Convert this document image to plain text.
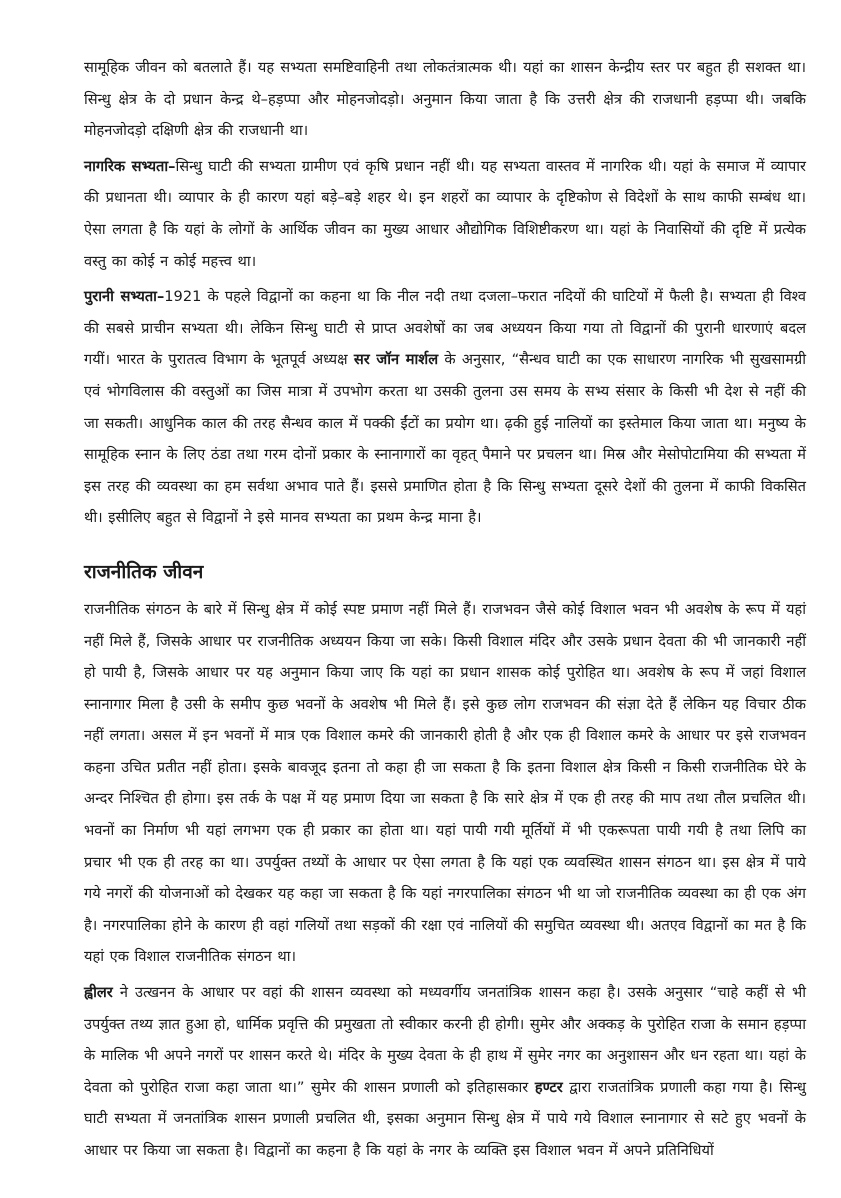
सामूहिक जीवन को बतलाते हैं। यह सभ्यता समष्टिवाहिनी तथा लोकतंत्रात्मक थी। यहां का शासन केन्द्रीय स्तर पर बहुत ही सशक्त था। सिन्धु क्षेत्र के दो प्रधान केन्द्र थे–हड़प्पा और मोहनजोदड़ो। अनुमान किया जाता है कि उत्तरी क्षेत्र की राजधानी हड़प्पा थी। जबकि मोहनजोदड़ो दक्षिणी क्षेत्र की राजधानी था।

नागरिक सभ्यता–सिन्धु घाटी की सभ्यता ग्रामीण एवं कृषि प्रधान नहीं थी। यह सभ्यता वास्तव में नागरिक थी। यहां के समाज में व्यापार की प्रधानता थी। व्यापार के ही कारण यहां बड़े–बड़े शहर थे। इन शहरों का व्यापार के दृष्टिकोण से विदेशों के साथ काफी सम्बंध था। ऐसा लगता है कि यहां के लोगों के आर्थिक जीवन का मुख्य आधार औद्योगिक विशिष्टीकरण था। यहां के निवासियों की दृष्टि में प्रत्येक वस्तु का कोई न कोई महत्त्व था।

पुरानी सभ्यता–1921 के पहले विद्वानों का कहना था कि नील नदी तथा दजला–फरात नदियों की घाटियों में फैली है। सभ्यता ही विश्व की सबसे प्राचीन सभ्यता थी। लेकिन सिन्धु घाटी से प्राप्त अवशेषों का जब अध्ययन किया गया तो विद्वानों की पुरानी धारणाएं बदल गयीं। भारत के पुरातत्व विभाग के भूतपूर्व अध्यक्ष सर जॉन मार्शल के अनुसार, “सैन्धव घाटी का एक साधारण नागरिक भी सुखसामग्री एवं भोगविलास की वस्तुओं का जिस मात्रा में उपभोग करता था उसकी तुलना उस समय के सभ्य संसार के किसी भी देश से नहीं की जा सकती। आधुनिक काल की तरह सैन्धव काल में पक्की ईंटों का प्रयोग था। ढ़की हुई नालियों का इस्तेमाल किया जाता था। मनुष्य के सामूहिक स्नान के लिए ठंडा तथा गरम दोनों प्रकार के स्नानागारों का वृहत् पैमाने पर प्रचलन था। मिस्र और मेसोपोटामिया की सभ्यता में इस तरह की व्यवस्था का हम सर्वथा अभाव पाते हैं। इससे प्रमाणित होता है कि सिन्धु सभ्यता दूसरे देशों की तुलना में काफी विकसित थी। इसीलिए बहुत से विद्वानों ने इसे मानव सभ्यता का प्रथम केन्द्र माना है।

राजनीतिक जीवन

राजनीतिक संगठन के बारे में सिन्धु क्षेत्र में कोई स्पष्ट प्रमाण नहीं मिले हैं। राजभवन जैसे कोई विशाल भवन भी अवशेष के रूप में यहां नहीं मिले हैं, जिसके आधार पर राजनीतिक अध्ययन किया जा सके। किसी विशाल मंदिर और उसके प्रधान देवता की भी जानकारी नहीं हो पायी है, जिसके आधार पर यह अनुमान किया जाए कि यहां का प्रधान शासक कोई पुरोहित था। अवशेष के रूप में जहां विशाल स्नानागार मिला है उसी के समीप कुछ भवनों के अवशेष भी मिले हैं। इसे कुछ लोग राजभवन की संज्ञा देते हैं लेकिन यह विचार ठीक नहीं लगता। असल में इन भवनों में मात्र एक विशाल कमरे की जानकारी होती है और एक ही विशाल कमरे के आधार पर इसे राजभवन कहना उचित प्रतीत नहीं होता। इसके बावजूद इतना तो कहा ही जा सकता है कि इतना विशाल क्षेत्र किसी न किसी राजनीतिक घेरे के अन्दर निश्चित ही होगा। इस तर्क के पक्ष में यह प्रमाण दिया जा सकता है कि सारे क्षेत्र में एक ही तरह की माप तथा तौल प्रचलित थी। भवनों का निर्माण भी यहां लगभग एक ही प्रकार का होता था। यहां पायी गयी मूर्तियों में भी एकरूपता पायी गयी है तथा लिपि का प्रचार भी एक ही तरह का था। उपर्युक्त तथ्यों के आधार पर ऐसा लगता है कि यहां एक व्यवस्थित शासन संगठन था। इस क्षेत्र में पाये गये नगरों की योजनाओं को देखकर यह कहा जा सकता है कि यहां नगरपालिका संगठन भी था जो राजनीतिक व्यवस्था का ही एक अंग है। नगरपालिका होने के कारण ही वहां गलियों तथा सड़कों की रक्षा एवं नालियों की समुचित व्यवस्था थी। अतएव विद्वानों का मत है कि यहां एक विशाल राजनीतिक संगठन था।

ह्वीलर ने उत्खनन के आधार पर वहां की शासन व्यवस्था को मध्यवर्गीय जनतांत्रिक शासन कहा है। उसके अनुसार “चाहे कहीं से भी उपर्युक्त तथ्य ज्ञात हुआ हो, धार्मिक प्रवृत्ति की प्रमुखता तो स्वीकार करनी ही होगी। सुमेर और अक्कड़ के पुरोहित राजा के समान हड़प्पा के मालिक भी अपने नगरों पर शासन करते थे। मंदिर के मुख्य देवता के ही हाथ में सुमेर नगर का अनुशासन और धन रहता था। यहां के देवता को पुरोहित राजा कहा जाता था।” सुमेर की शासन प्रणाली को इतिहासकार हण्टर द्वारा राजतांत्रिक प्रणाली कहा गया है। सिन्धु घाटी सभ्यता में जनतांत्रिक शासन प्रणाली प्रचलित थी, इसका अनुमान सिन्धु क्षेत्र में पाये गये विशाल स्नानागार से सटे हुए भवनों के आधार पर किया जा सकता है। विद्वानों का कहना है कि यहां के नगर के व्यक्ति इस विशाल भवन में अपने प्रतिनिधियों
